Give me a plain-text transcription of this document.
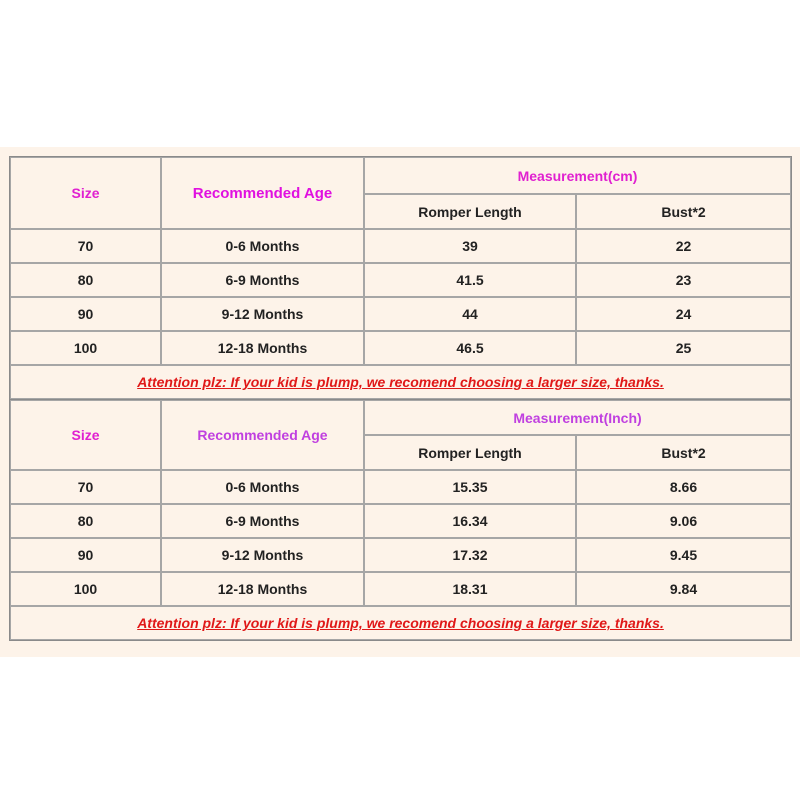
Size	Recommended Age	Measurement(cm)	
		Romper Length	Bust*2
70	0-6 Months	39	22
80	6-9 Months	41.5	23
90	9-12 Months	44	24
100	12-18 Months	46.5	25
Attention plz: If your kid is plump, we recomend choosing a larger size, thanks.			
Size	Recommended Age	Measurement(Inch)	
		Romper Length	Bust*2
70	0-6 Months	15.35	8.66
80	6-9 Months	16.34	9.06
90	9-12 Months	17.32	9.45
100	12-18 Months	18.31	9.84
Attention plz: If your kid is plump, we recomend choosing a larger size, thanks.			
